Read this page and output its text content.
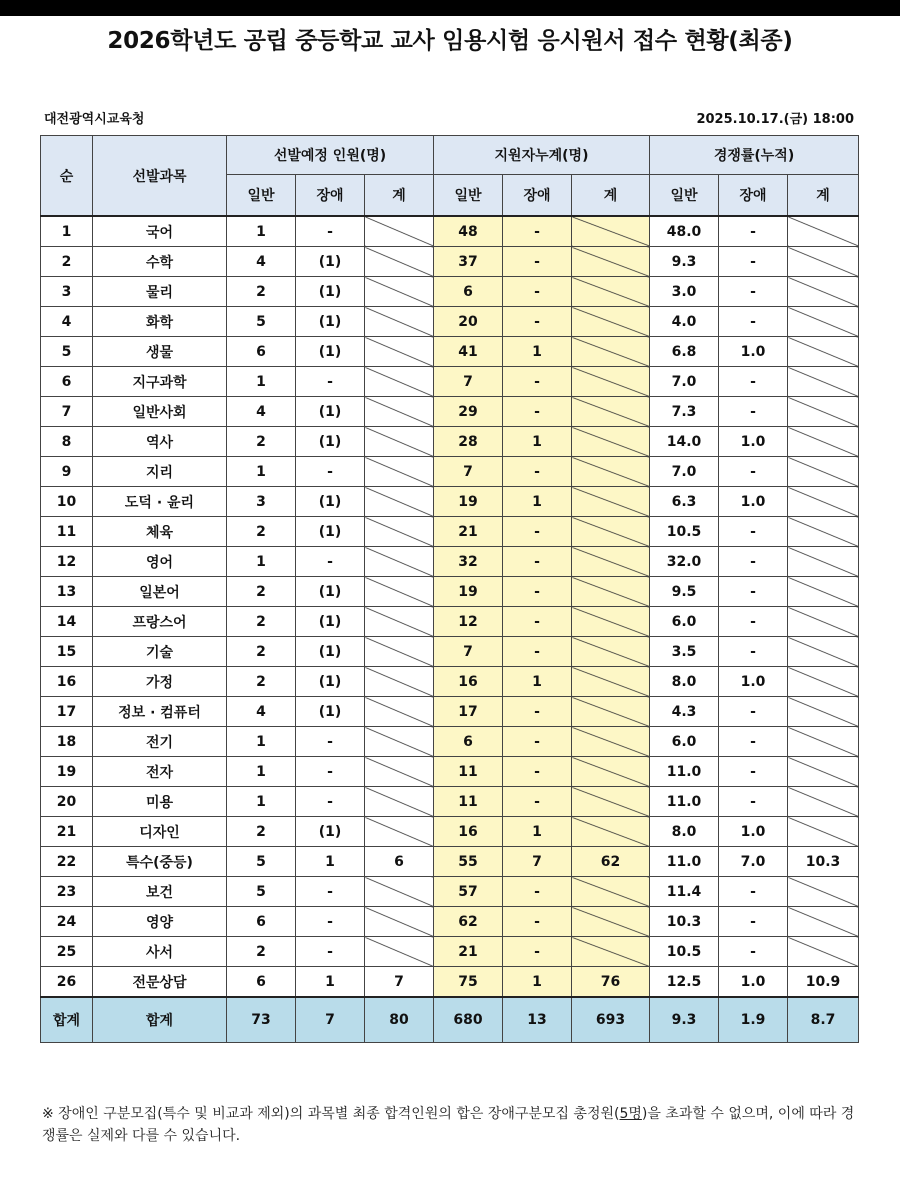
2026학년도 공립 중등학교 교사 임용시험 응시원서 접수 현황(최종)
대전광역시교육청	2025.10.17.(금) 18:00
순	선발과목	선발예정 인원(명)			지원자누계(명)			경쟁률(누적)		
		일반	장애	계	일반	장애	계	일반	장애	계
1	국어	1	-		48	-		48.0	-	
2	수학	4	(1)		37	-		9.3	-	
3	물리	2	(1)		6	-		3.0	-	
4	화학	5	(1)		20	-		4.0	-	
5	생물	6	(1)		41	1		6.8	1.0	
6	지구과학	1	-		7	-		7.0	-	
7	일반사회	4	(1)		29	-		7.3	-	
8	역사	2	(1)		28	1		14.0	1.0	
9	지리	1	-		7	-		7.0	-	
10	도덕 · 윤리	3	(1)		19	1		6.3	1.0	
11	체육	2	(1)		21	-		10.5	-	
12	영어	1	-		32	-		32.0	-	
13	일본어	2	(1)		19	-		9.5	-	
14	프랑스어	2	(1)		12	-		6.0	-	
15	기술	2	(1)		7	-		3.5	-	
16	가정	2	(1)		16	1		8.0	1.0	
17	정보 · 컴퓨터	4	(1)		17	-		4.3	-	
18	전기	1	-		6	-		6.0	-	
19	전자	1	-		11	-		11.0	-	
20	미용	1	-		11	-		11.0	-	
21	디자인	2	(1)		16	1		8.0	1.0	
22	특수(중등)	5	1	6	55	7	62	11.0	7.0	10.3
23	보건	5	-		57	-		11.4	-	
24	영양	6	-		62	-		10.3	-	
25	사서	2	-		21	-		10.5	-	
26	전문상담	6	1	7	75	1	76	12.5	1.0	10.9
합계	합계	73	7	80	680	13	693	9.3	1.9	8.7
※ 장애인 구분모집(특수 및 비교과 제외)의 과목별 최종 합격인원의 합은 장애구분모집 총정원(5명)을 초과할 수 없으며, 이에 따라 경쟁률은 실제와 다를 수 있습니다.
